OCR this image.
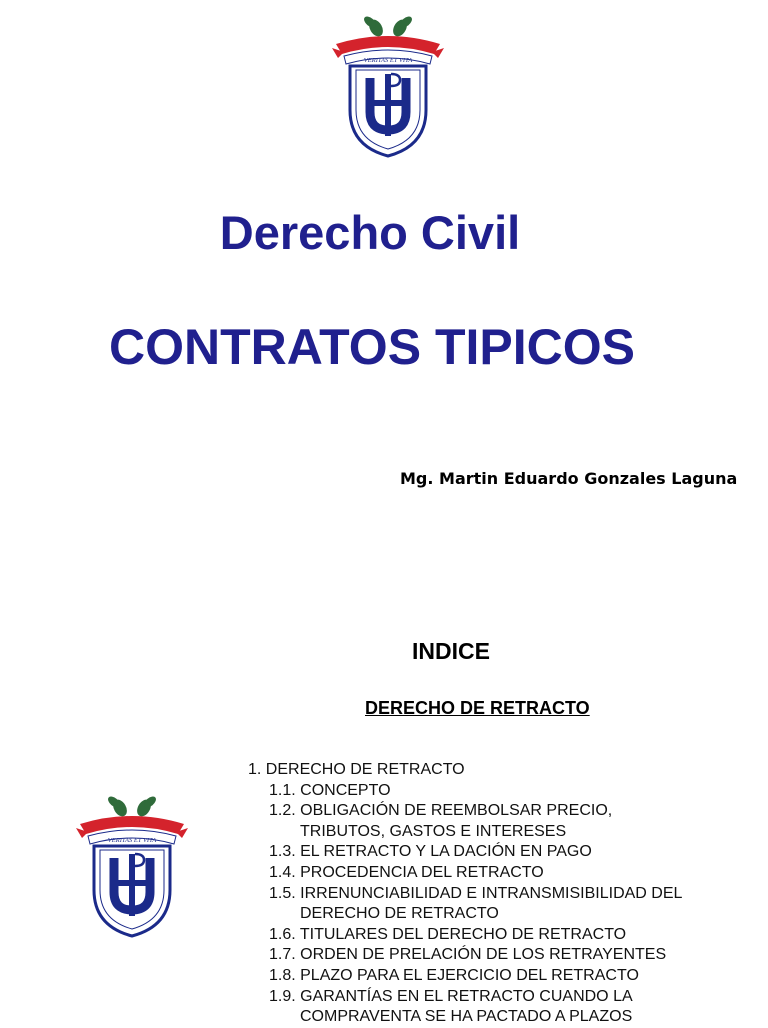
VERITAS ET VITA
Derecho Civil
CONTRATOS TIPICOS
Mg. Martin Eduardo Gonzales Laguna
INDICE
DERECHO DE RETRACTO
VERITAS ET VITA
1. DERECHO DE RETRACTO
1.1. CONCEPTO
1.2. OBLIGACIÓN DE REEMBOLSAR PRECIO,
TRIBUTOS, GASTOS E INTERESES
1.3. EL RETRACTO Y LA DACIÓN EN PAGO
1.4. PROCEDENCIA DEL RETRACTO
1.5. IRRENUNCIABILIDAD E INTRANSMISIBILIDAD DEL
DERECHO DE RETRACTO
1.6. TITULARES DEL DERECHO DE RETRACTO
1.7. ORDEN DE PRELACIÓN DE LOS RETRAYENTES
1.8. PLAZO PARA EL EJERCICIO DEL RETRACTO
1.9. GARANTÍAS EN EL RETRACTO CUANDO LA
COMPRAVENTA SE HA PACTADO A PLAZOS
